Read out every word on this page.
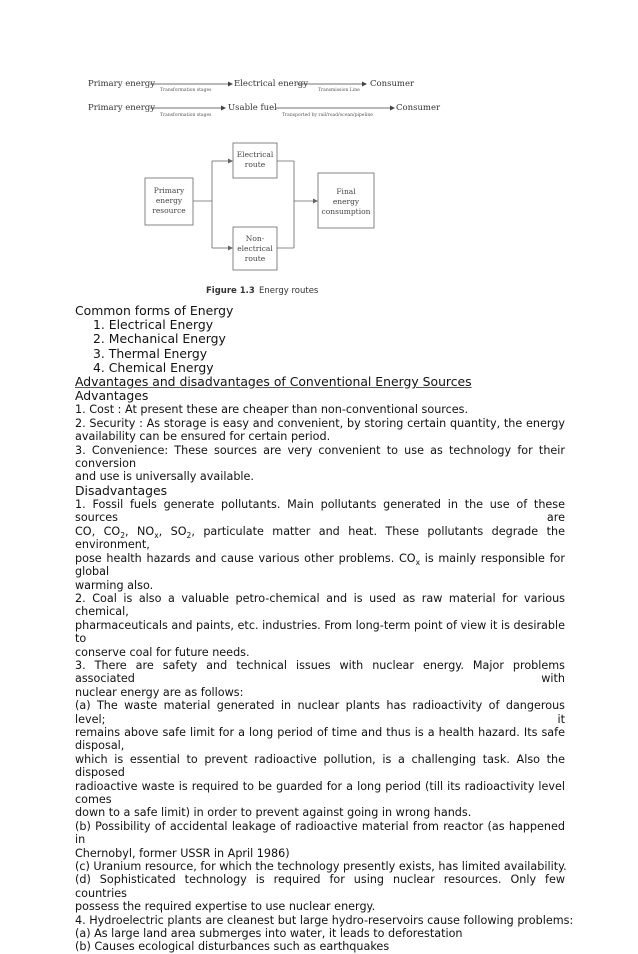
Primary energy
Transformation stages
Electrical energy
Transmission Line
Consumer
Primary energy
Transformation stages
Usable fuel
Transported by rail/road/ocean/pipeline
Consumer
Primary
energy
resource
Electrical
route
Non-
electrical
route
Final
energy
consumption
Figure 1.3 Energy routes
Common forms of Energy
1. Electrical Energy
2. Mechanical Energy
3. Thermal Energy
4. Chemical Energy
Advantages and disadvantages of Conventional Energy Sources
Advantages
1. Cost : At present these are cheaper than non-conventional sources.
2. Security : As storage is easy and convenient, by storing certain quantity, the energy
availability can be ensured for certain period.
3. Convenience: These sources are very convenient to use as technology for their conversion
and use is universally available.
Disadvantages
1. Fossil fuels generate pollutants. Main pollutants generated in the use of these sources are
CO, $CO_2$, $NO_x$, $SO_2$, particulate matter and heat. These pollutants degrade the environment,
pose health hazards and cause various other problems. $CO_x$ is mainly responsible for global
warming also.
2. Coal is also a valuable petro-chemical and is used as raw material for various chemical,
pharmaceuticals and paints, etc. industries. From long-term point of view it is desirable to
conserve coal for future needs.
3. There are safety and technical issues with nuclear energy. Major problems associated with
nuclear energy are as follows:
(a) The waste material generated in nuclear plants has radioactivity of dangerous level; it
remains above safe limit for a long period of time and thus is a health hazard. Its safe disposal,
which is essential to prevent radioactive pollution, is a challenging task. Also the disposed
radioactive waste is required to be guarded for a long period (till its radioactivity level comes
down to a safe limit) in order to prevent against going in wrong hands.
(b) Possibility of accidental leakage of radioactive material from reactor (as happened in
Chernobyl, former USSR in April 1986)
(c) Uranium resource, for which the technology presently exists, has limited availability.
(d) Sophisticated technology is required for using nuclear resources. Only few countries
possess the required expertise to use nuclear energy.
4. Hydroelectric plants are cleanest but large hydro-reservoirs cause following problems:
(a) As large land area submerges into water, it leads to deforestation
(b) Causes ecological disturbances such as earthquakes
